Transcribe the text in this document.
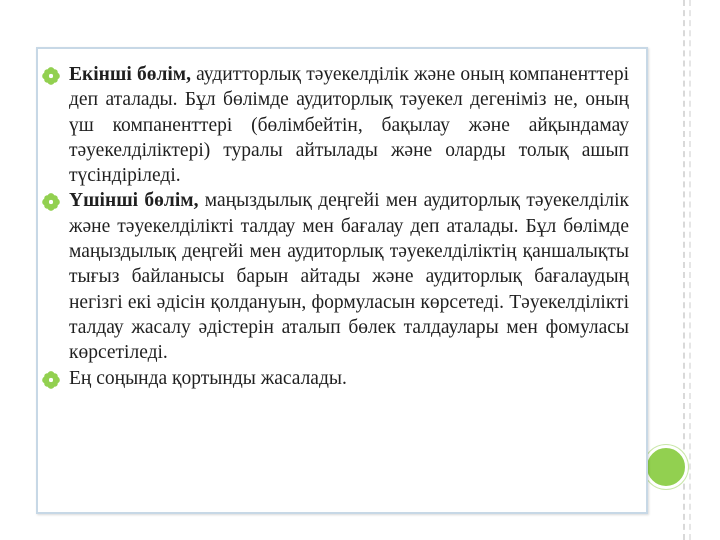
Екінші бөлім, аудитторлық тәуекелділік және оның компаненттері деп аталады. Бұл бөлімде аудиторлық тәуекел дегеніміз не, оның үш компаненттері (бөлімбейтін, бақылау және айқындамау тәуекелділіктері) туралы айтылады және оларды толық ашып түсіндіріледі.

Үшінші бөлім, маңыздылық деңгейі мен аудиторлық тәуекелділік және тәуекелділікті талдау мен бағалау деп аталады. Бұл бөлімде маңыздылық деңгейі мен аудиторлық тәуекелділіктің қаншалықты тығыз байланысы барын айтады және аудиторлық бағалаудың негізгі екі әдісін қолдануын, формуласын көрсетеді. Тәуекелділікті талдау жасалу әдістерін аталып бөлек талдаулары мен фомуласы көрсетіледі.

Ең соңында қортынды жасалады.
